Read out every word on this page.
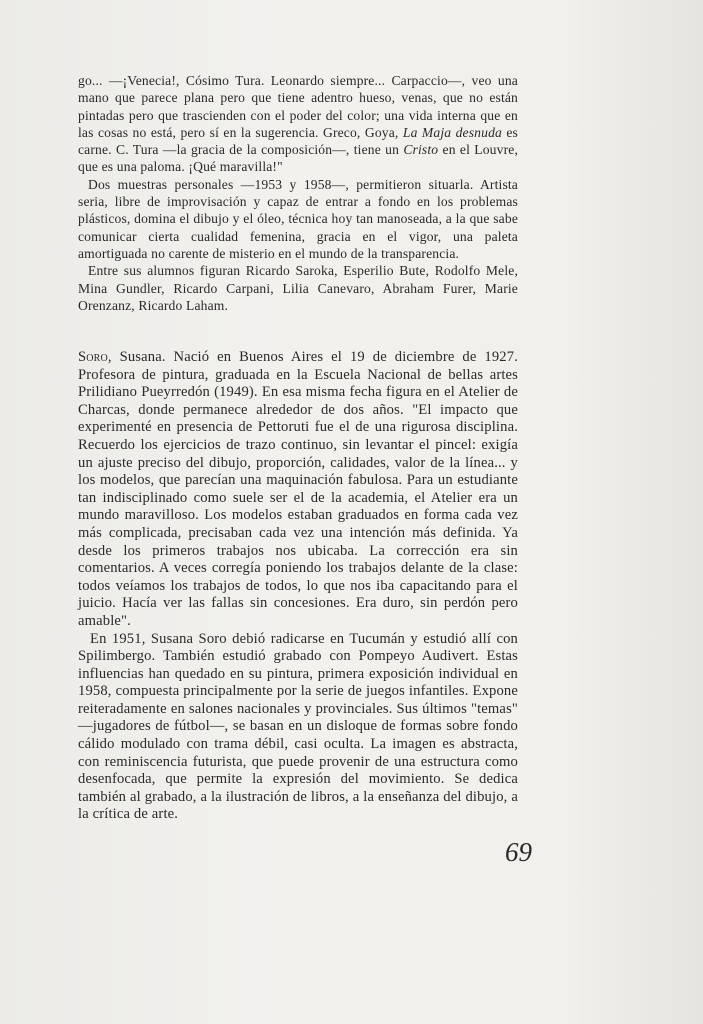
go... —¡Venecia!, Cósimo Tura. Leonardo siempre... Carpaccio—, veo una mano que parece plana pero que tiene adentro hueso, venas, que no están pintadas pero que trascienden con el poder del color; una vida interna que en las cosas no está, pero sí en la sugerencia. Greco, Goya, La Maja desnuda es carne. C. Tura —la gracia de la composición—, tiene un Cristo en el Louvre, que es una paloma. ¡Qué maravilla!"

Dos muestras personales —1953 y 1958—, permitieron situarla. Artista seria, libre de improvisación y capaz de entrar a fondo en los problemas plásticos, domina el dibujo y el óleo, técnica hoy tan manoseada, a la que sabe comunicar cierta cualidad femenina, gracia en el vigor, una paleta amortiguada no carente de misterio en el mundo de la transparencia.

Entre sus alumnos figuran Ricardo Saroka, Esperilio Bute, Rodolfo Mele, Mina Gundler, Ricardo Carpani, Lilia Canevaro, Abraham Furer, Marie Orenzanz, Ricardo Laham.

Soro, Susana. Nació en Buenos Aires el 19 de diciembre de 1927. Profesora de pintura, graduada en la Escuela Nacional de bellas artes Prilidiano Pueyrredón (1949). En esa misma fecha figura en el Atelier de Charcas, donde permanece alrededor de dos años. "El impacto que experimenté en presencia de Pettoruti fue el de una rigurosa disciplina. Recuerdo los ejercicios de trazo continuo, sin levantar el pincel: exigía un ajuste preciso del dibujo, proporción, calidades, valor de la línea... y los modelos, que parecían una maquinación fabulosa. Para un estudiante tan indisciplinado como suele ser el de la academia, el Atelier era un mundo maravilloso. Los modelos estaban graduados en forma cada vez más complicada, precisaban cada vez una intención más definida. Ya desde los primeros trabajos nos ubicaba. La corrección era sin comentarios. A veces corregía poniendo los trabajos delante de la clase: todos veíamos los trabajos de todos, lo que nos iba capacitando para el juicio. Hacía ver las fallas sin concesiones. Era duro, sin perdón pero amable".

En 1951, Susana Soro debió radicarse en Tucumán y estudió allí con Spilimbergo. También estudió grabado con Pompeyo Audivert. Estas influencias han quedado en su pintura, primera exposición individual en 1958, compuesta principalmente por la serie de juegos infantiles. Expone reiteradamente en salones nacionales y provinciales. Sus últimos "temas" —jugadores de fútbol—, se basan en un disloque de formas sobre fondo cálido modulado con trama débil, casi oculta. La imagen es abstracta, con reminiscencia futurista, que puede provenir de una estructura como desenfocada, que permite la expresión del movimiento. Se dedica también al grabado, a la ilustración de libros, a la enseñanza del dibujo, a la crítica de arte.

69
